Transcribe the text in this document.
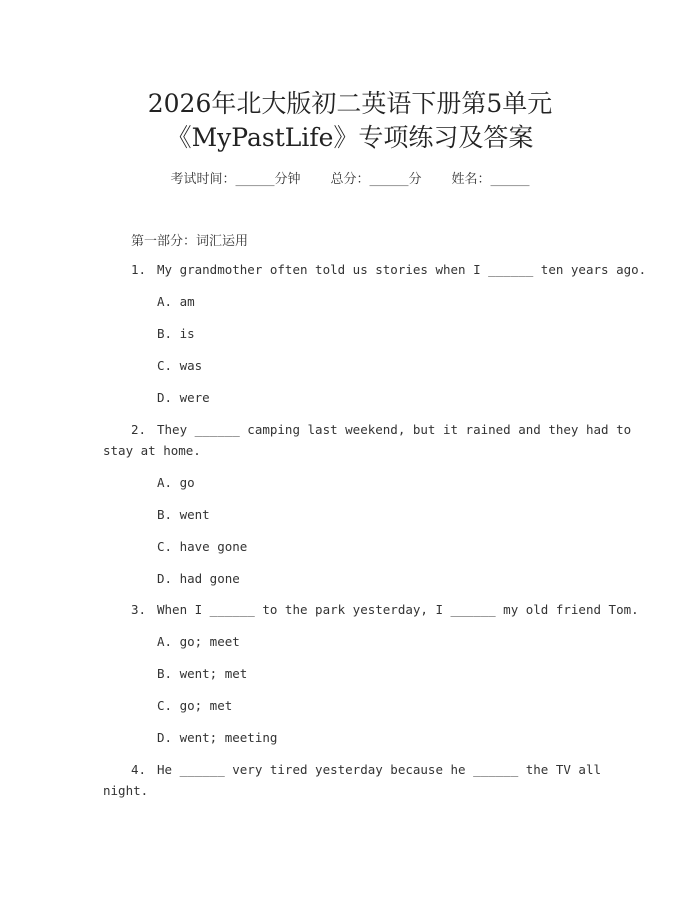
2026年北大版初二英语下册第5单元
《MyPastLife》专项练习及答案
考试时间：______分钟 总分：______分 姓名：______
第一部分：词汇运用
1. My grandmother often told us stories when I ______ ten years ago.
A. am
B. is
C. was
D. were
2. They ______ camping last weekend, but it rained and they had to
stay at home.
A. go
B. went
C. have gone
D. had gone
3. When I ______ to the park yesterday, I ______ my old friend Tom.
A. go; meet
B. went; met
C. go; met
D. went; meeting
4. He ______ very tired yesterday because he ______ the TV all
night.
